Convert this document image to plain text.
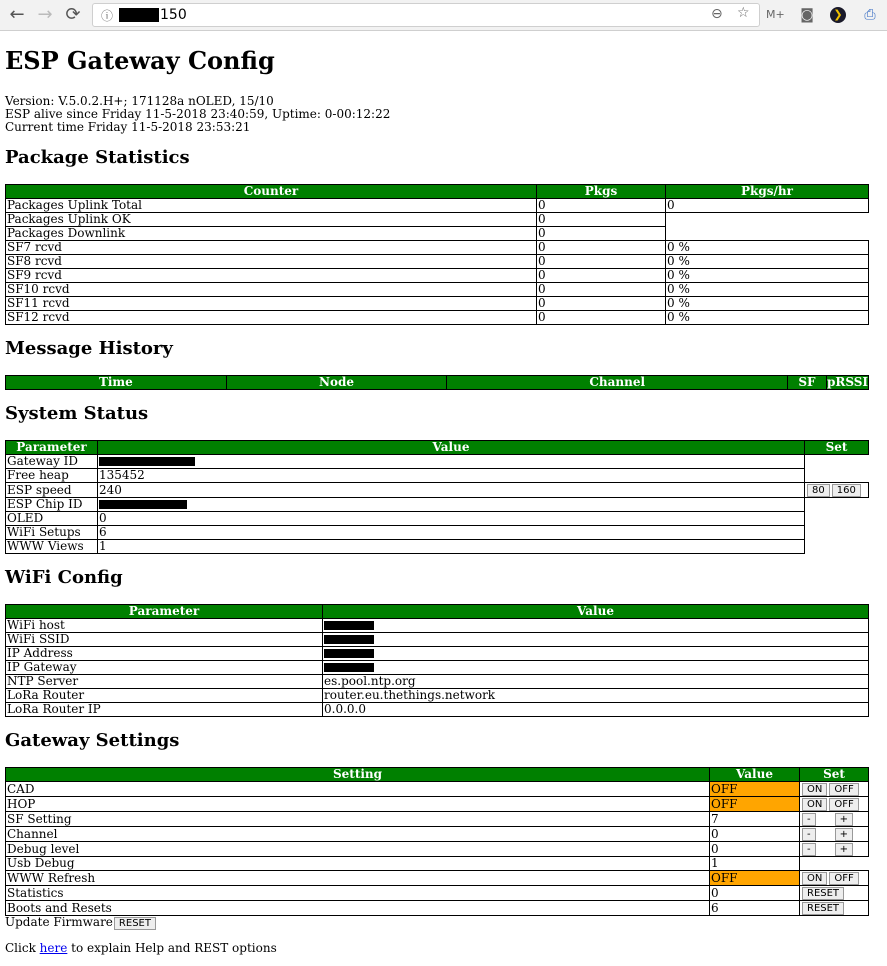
← → ⟳ ⓘ	150	⊖ ☆ M+ ◙	❯ ⎙
ESP Gateway Config
Version: V.5.0.2.H+; 171128a nOLED, 15/10
ESP alive since Friday 11-5-2018 23:40:59, Uptime: 0-00:12:22
Current time Friday 11-5-2018 23:53:21
Package Statistics
Counter	Pkgs	Pkgs/hr
Packages Uplink Total	0	0
Packages Uplink OK	0	
Packages Downlink	0	
SF7 rcvd	0	0 %
SF8 rcvd	0	0 %
SF9 rcvd	0	0 %
SF10 rcvd	0	0 %
SF11 rcvd	0	0 %
SF12 rcvd	0	0 %
Message History
Time	Node	Channel	SF	pRSSI
System Status
Parameter	Value	Set
Gateway ID		
Free heap	135452	
ESP speed	240	80 160
ESP Chip ID		
OLED	0	
WiFi Setups	6	
WWW Views	1	
WiFi Config
Parameter	Value
WiFi host	
WiFi SSID	
IP Address	
IP Gateway	
NTP Server	es.pool.ntp.org
LoRa Router	router.eu.thethings.network
LoRa Router IP	0.0.0.0
Gateway Settings
Setting	Value	Set
CAD	OFF	ON OFF
HOP	OFF	ON OFF
SF Setting	7	- +
Channel	0	- +
Debug level	0	- +
Usb Debug	1	
WWW Refresh	OFF	ON OFF
Statistics	0	RESET
Boots and Resets	6	RESET
Update Firmware RESET
Click here to explain Help and REST options
